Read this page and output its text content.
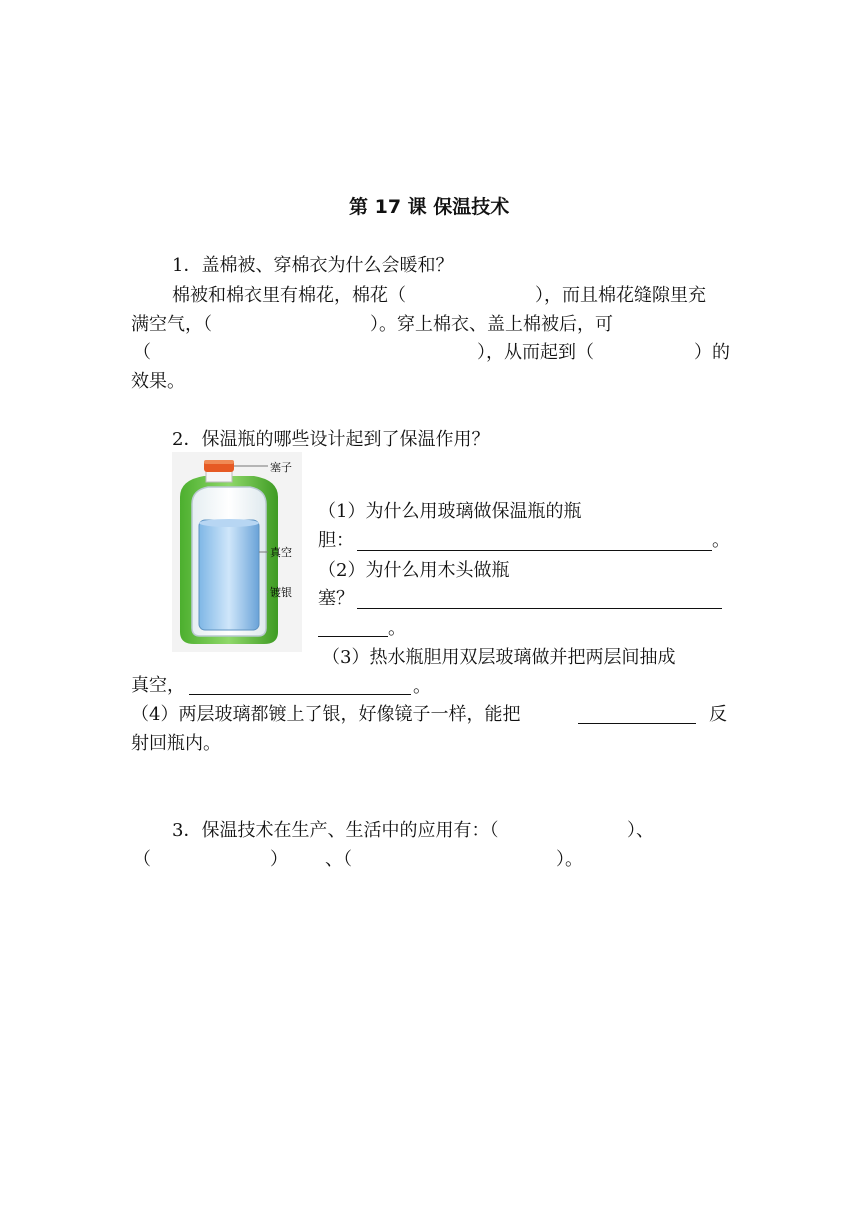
第 17 课 保温技术
1．盖棉被、穿棉衣为什么会暖和？
棉被和棉衣里有棉花，棉花（	），而且棉花缝隙里充
满空气，（	）。穿上棉衣、盖上棉被后，可
（	），从而起到（	）的
效果。
2．保温瓶的哪些设计起到了保温作用？
塞子
真空
镀银
（1）为什么用玻璃做保温瓶的瓶
胆：	。
（2）为什么用木头做瓶
塞？
。
（3）热水瓶胆用双层玻璃做并把两层间抽成
真空，	。
（4）两层玻璃都镀上了银，好像镜子一样，能把	反
射回瓶内。
3．保温技术在生产、生活中的应用有：（	）、
（	） 、（	）。
